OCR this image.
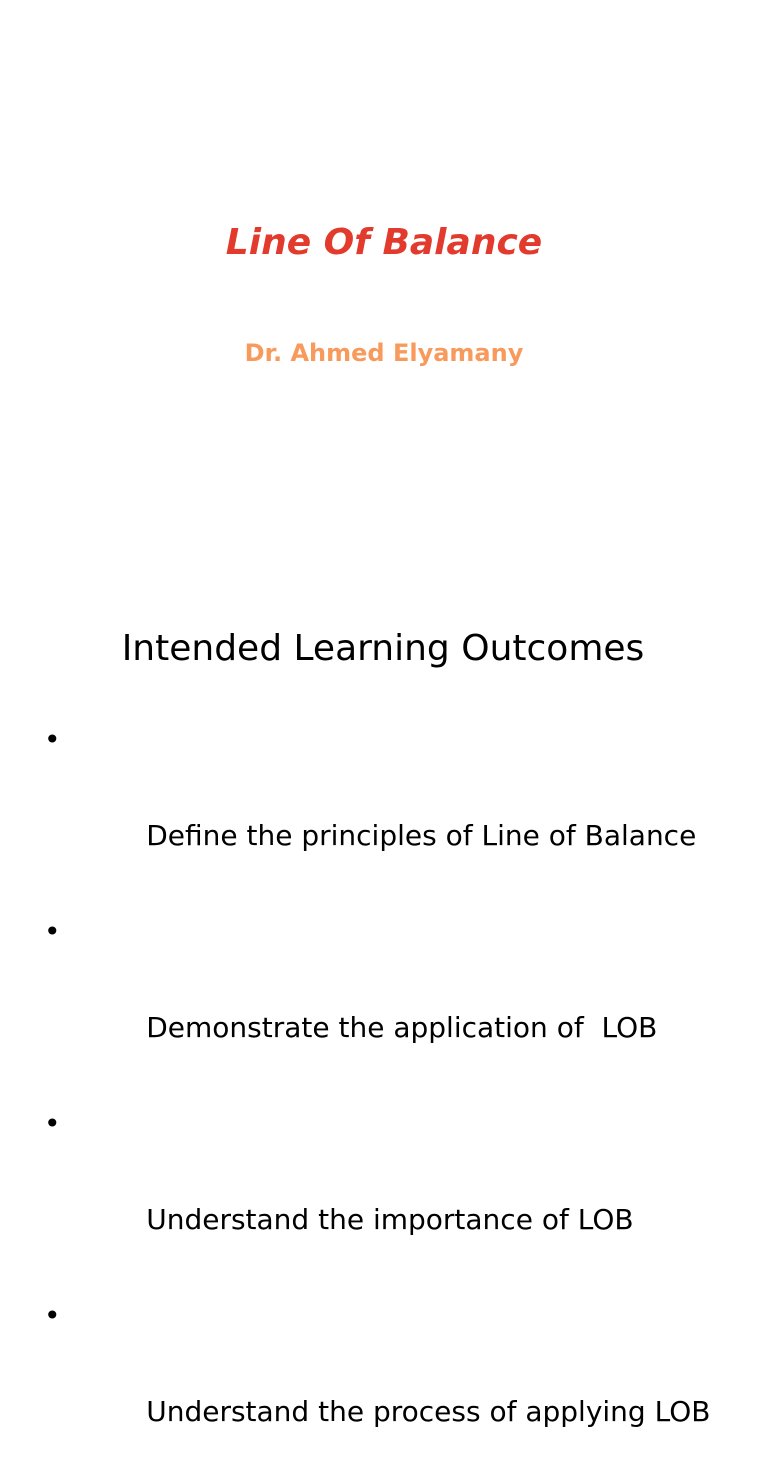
Line Of Balance
Dr. Ahmed Elyamany
Intended Learning Outcomes

•

Define the principles of Line of Balance

•

Demonstrate the application of  LOB

•

Understand the importance of LOB

•

Understand the process of applying LOB
